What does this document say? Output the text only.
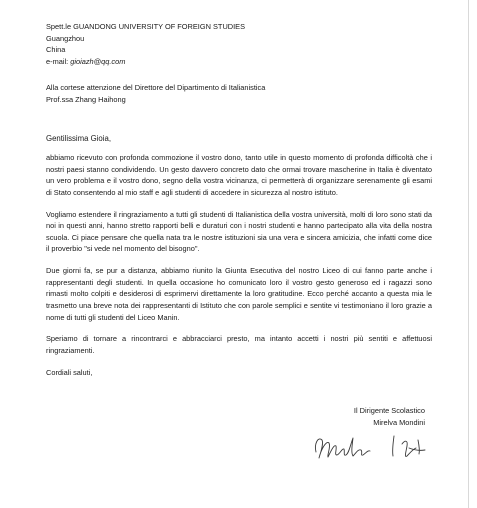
Spett.le GUANDONG UNIVERSITY OF FOREIGN STUDIES
Guangzhou
China
e-mail: gioiazh@qq.com
Alla cortese attenzione del Direttore del Dipartimento di Italianistica
Prof.ssa Zhang Haihong
Gentilissima Gioia,

abbiamo ricevuto con profonda commozione il vostro dono, tanto utile in questo momento di profonda difficoltà che i nostri paesi stanno condividendo. Un gesto davvero concreto dato che ormai trovare mascherine in Italia è diventato un vero problema e il vostro dono, segno della vostra vicinanza, ci permetterà di organizzare serenamente gli esami di Stato consentendo al mio staff e agli studenti di accedere in sicurezza al nostro istituto.

Vogliamo estendere il ringraziamento a tutti gli studenti di Italianistica della vostra università, molti di loro sono stati da noi in questi anni, hanno stretto rapporti belli e duraturi con i nostri studenti e hanno partecipato alla vita della nostra scuola. Ci piace pensare che quella nata tra le nostre istituzioni sia una vera e sincera amicizia, che infatti come dice il proverbio "si vede nel momento del bisogno".

Due giorni fa, se pur a distanza, abbiamo riunito la Giunta Esecutiva del nostro Liceo di cui fanno parte anche i rappresentanti degli studenti. In quella occasione ho comunicato loro il vostro gesto generoso ed i ragazzi sono rimasti molto colpiti e desiderosi di esprimervi direttamente la loro gratitudine. Ecco perché accanto a questa mia le trasmetto una breve nota dei rappresentanti di Istituto che con parole semplici e sentite vi testimoniano il loro grazie a nome di tutti gli studenti del Liceo Manin.

Speriamo di tornare a rincontrarci e abbracciarci presto, ma intanto accetti i nostri più sentiti e affettuosi ringraziamenti.

Cordiali saluti,

Il Dirigente Scolastico
Mirelva Mondini
